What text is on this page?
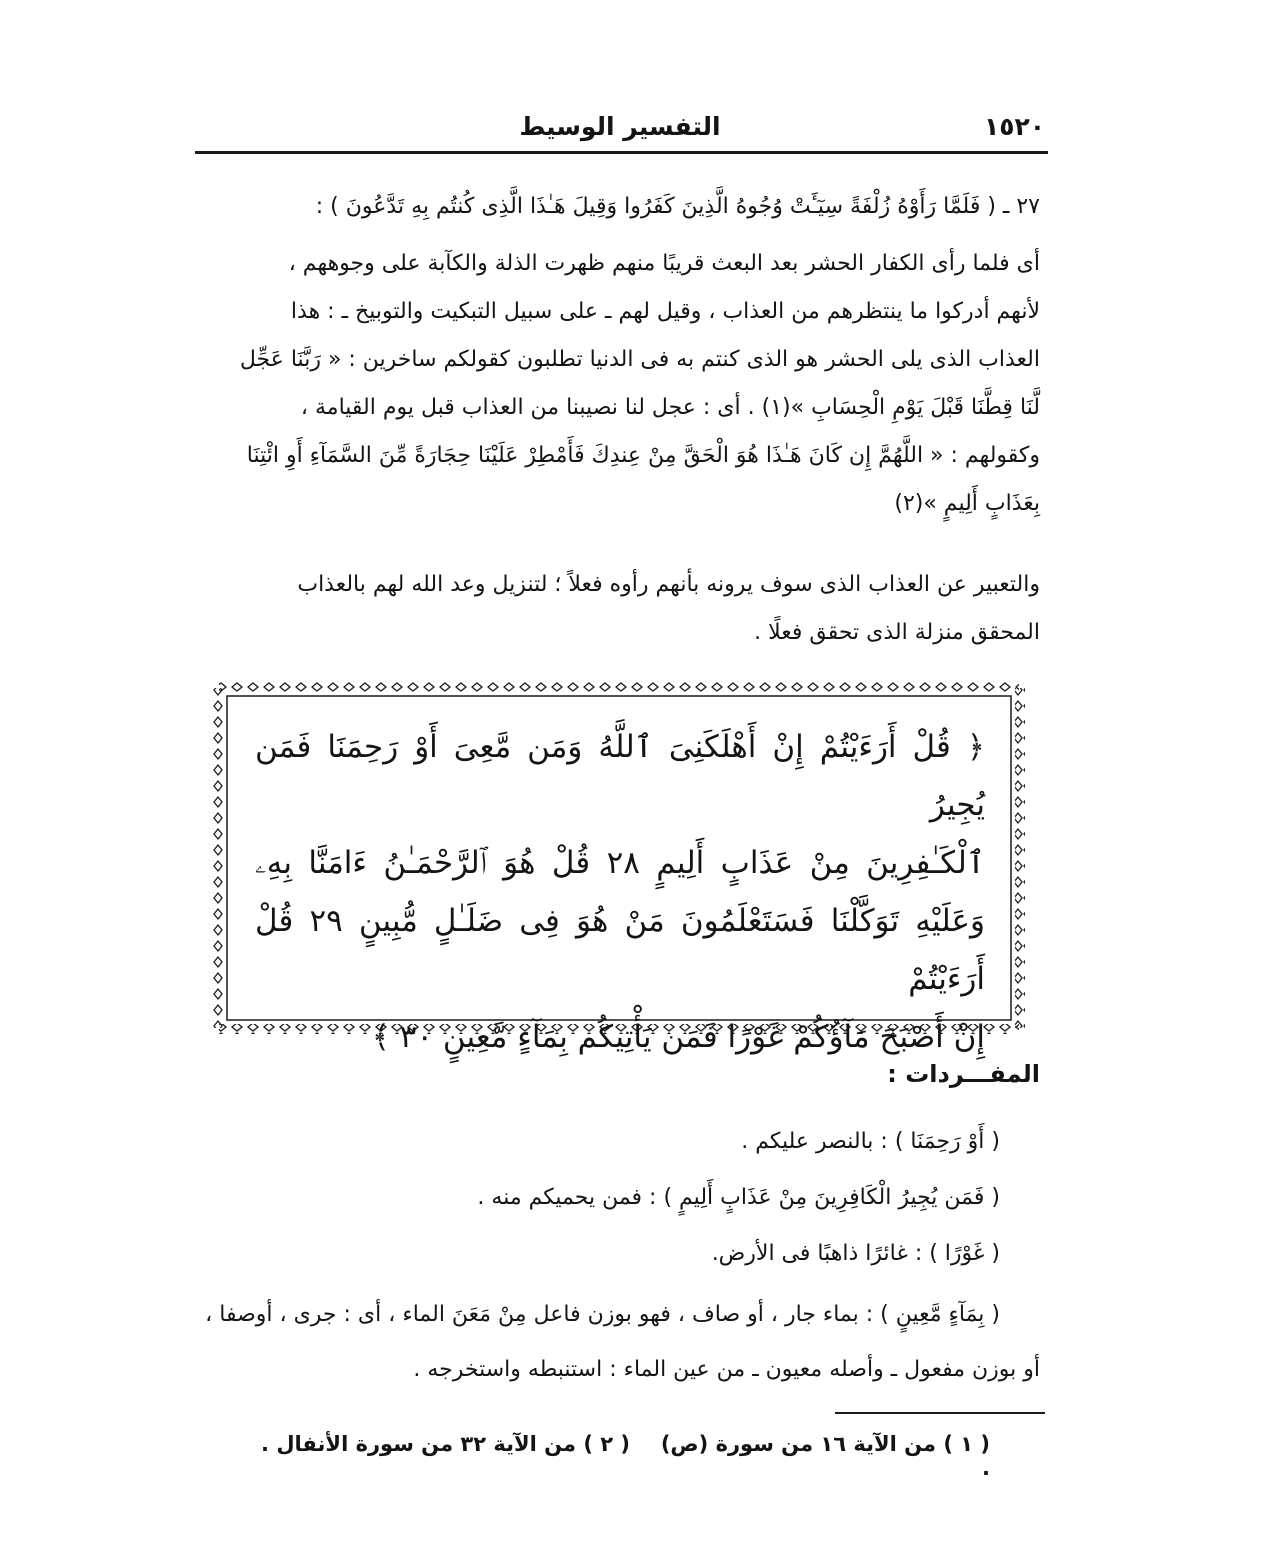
التفسير الوسيط	١٥٢٠
٢٧ ـ ( فَلَمَّا رَأَوْهُ زُلْفَةً سِيٓـَٔتْ وُجُوهُ الَّذِينَ كَفَرُوا وَقِيلَ هَـٰذَا الَّذِى كُنتُم بِهِ تَدَّعُونَ ) :
أى فلما رأى الكفار الحشر بعد البعث قريبًا منهم ظهرت الذلة والكآبة على وجوههم ،
لأنهم أدركوا ما ينتظرهم من العذاب ، وقيل لهم ـ على سبيل التبكيت والتوبيخ ـ : هذا
العذاب الذى يلى الحشر هو الذى كنتم به فى الدنيا تطلبون كقولكم ساخرين : « رَبَّنَا عَجِّل
لَّنَا قِطَّنَا قَبْلَ يَوْمِ الْحِسَابِ »(١) . أى : عجل لنا نصيبنا من العذاب قبل يوم القيامة ،
وكقولهم : « اللَّهُمَّ إِن كَانَ هَـٰذَا هُوَ الْحَقَّ مِنْ عِندِكَ فَأَمْطِرْ عَلَيْنَا حِجَارَةً مِّنَ السَّمَآءِ أَوِ ائْتِنَا
بِعَذَابٍ أَلِيمٍ »(٢)
والتعبير عن العذاب الذى سوف يرونه بأنهم رأوه فعلاً ؛ لتنزيل وعد الله لهم بالعذاب
المحقق منزلة الذى تحقق فعلًا .
﴿ قُلْ أَرَءَيْتُمْ إِنْ أَهْلَكَنِىَ ٱللَّهُ وَمَن مَّعِىَ أَوْ رَحِمَنَا فَمَن يُجِيرُ
ٱلْكَـٰفِرِينَ مِنْ عَذَابٍ أَلِيمٍ ٢٨ قُلْ هُوَ ٱلرَّحْمَـٰنُ ءَامَنَّا بِهِۦ
وَعَلَيْهِ تَوَكَّلْنَا فَسَتَعْلَمُونَ مَنْ هُوَ فِى ضَلَـٰلٍ مُّبِينٍ ٢٩ قُلْ أَرَءَيْتُمْ
إِنْ أَصْبَحَ مَآؤُكُمْ غَوْرًا فَمَن يَأْتِيكُم بِمَآءٍ مَّعِينٍ ٣٠ ﴾
المفـــردات :
( أَوْ رَحِمَنَا ) : بالنصر عليكم .
( فَمَن يُجِيرُ الْكَافِرِينَ مِنْ عَذَابٍ أَلِيمٍ ) : فمن يحميكم منه .
( غَوْرًا ) : غائرًا ذاهبًا فى الأرض.
( بِمَآءٍ مَّعِينٍ ) : بماء جار ، أو صاف ، فهو بوزن فاعل مِنْ مَعَنَ الماء ، أى : جرى ، أوصفا ،
أو بوزن مفعول ـ وأصله معيون ـ من عين الماء : استنبطه واستخرجه .
( ١ ) من الآية ١٦ من سورة (ص) .
( ٢ ) من الآية ٣٢ من سورة الأنفال .
